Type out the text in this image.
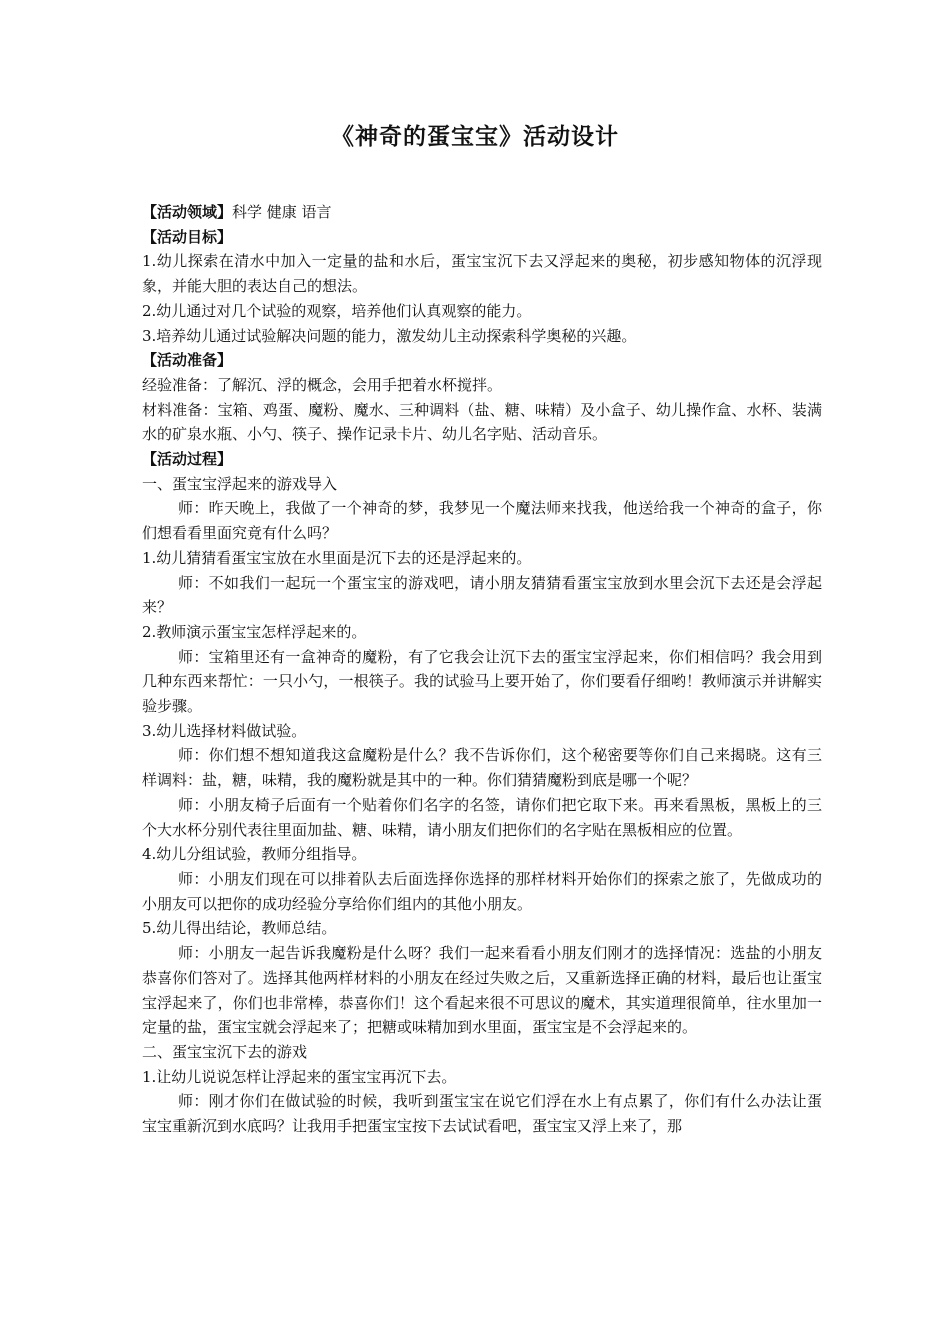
《神奇的蛋宝宝》活动设计
【活动领域】科学 健康 语言
【活动目标】
1.幼儿探索在清水中加入一定量的盐和水后，蛋宝宝沉下去又浮起来的奥秘，初步感知物体的沉浮现象，并能大胆的表达自己的想法。
2.幼儿通过对几个试验的观察，培养他们认真观察的能力。
3.培养幼儿通过试验解决问题的能力，激发幼儿主动探索科学奥秘的兴趣。
【活动准备】
经验准备：了解沉、浮的概念，会用手把着水杯搅拌。
材料准备：宝箱、鸡蛋、魔粉、魔水、三种调料（盐、糖、味精）及小盒子、幼儿操作盒、水杯、装满水的矿泉水瓶、小勺、筷子、操作记录卡片、幼儿名字贴、活动音乐。
【活动过程】
一、蛋宝宝浮起来的游戏导入
师：昨天晚上，我做了一个神奇的梦，我梦见一个魔法师来找我，他送给我一个神奇的盒子，你们想看看里面究竟有什么吗？
1.幼儿猜猜看蛋宝宝放在水里面是沉下去的还是浮起来的。
师：不如我们一起玩一个蛋宝宝的游戏吧，请小朋友猜猜看蛋宝宝放到水里会沉下去还是会浮起来？
2.教师演示蛋宝宝怎样浮起来的。
师：宝箱里还有一盒神奇的魔粉，有了它我会让沉下去的蛋宝宝浮起来，你们相信吗？我会用到几种东西来帮忙：一只小勺，一根筷子。我的试验马上要开始了，你们要看仔细哟！教师演示并讲解实验步骤。
3.幼儿选择材料做试验。
师：你们想不想知道我这盒魔粉是什么？我不告诉你们，这个秘密要等你们自己来揭晓。这有三样调料：盐，糖，味精，我的魔粉就是其中的一种。你们猜猜魔粉到底是哪一个呢？
师：小朋友椅子后面有一个贴着你们名字的名签，请你们把它取下来。再来看黑板，黑板上的三个大水杯分别代表往里面加盐、糖、味精，请小朋友们把你们的名字贴在黑板相应的位置。
4.幼儿分组试验，教师分组指导。
师：小朋友们现在可以排着队去后面选择你选择的那样材料开始你们的探索之旅了，先做成功的小朋友可以把你的成功经验分享给你们组内的其他小朋友。
5.幼儿得出结论，教师总结。
师：小朋友一起告诉我魔粉是什么呀？我们一起来看看小朋友们刚才的选择情况：选盐的小朋友恭喜你们答对了。选择其他两样材料的小朋友在经过失败之后，又重新选择正确的材料，最后也让蛋宝宝浮起来了，你们也非常棒，恭喜你们！这个看起来很不可思议的魔术，其实道理很简单，往水里加一定量的盐，蛋宝宝就会浮起来了；把糖或味精加到水里面，蛋宝宝是不会浮起来的。
二、蛋宝宝沉下去的游戏
1.让幼儿说说怎样让浮起来的蛋宝宝再沉下去。
师：刚才你们在做试验的时候，我听到蛋宝宝在说它们浮在水上有点累了，你们有什么办法让蛋宝宝重新沉到水底吗？让我用手把蛋宝宝按下去试试看吧，蛋宝宝又浮上来了，那
